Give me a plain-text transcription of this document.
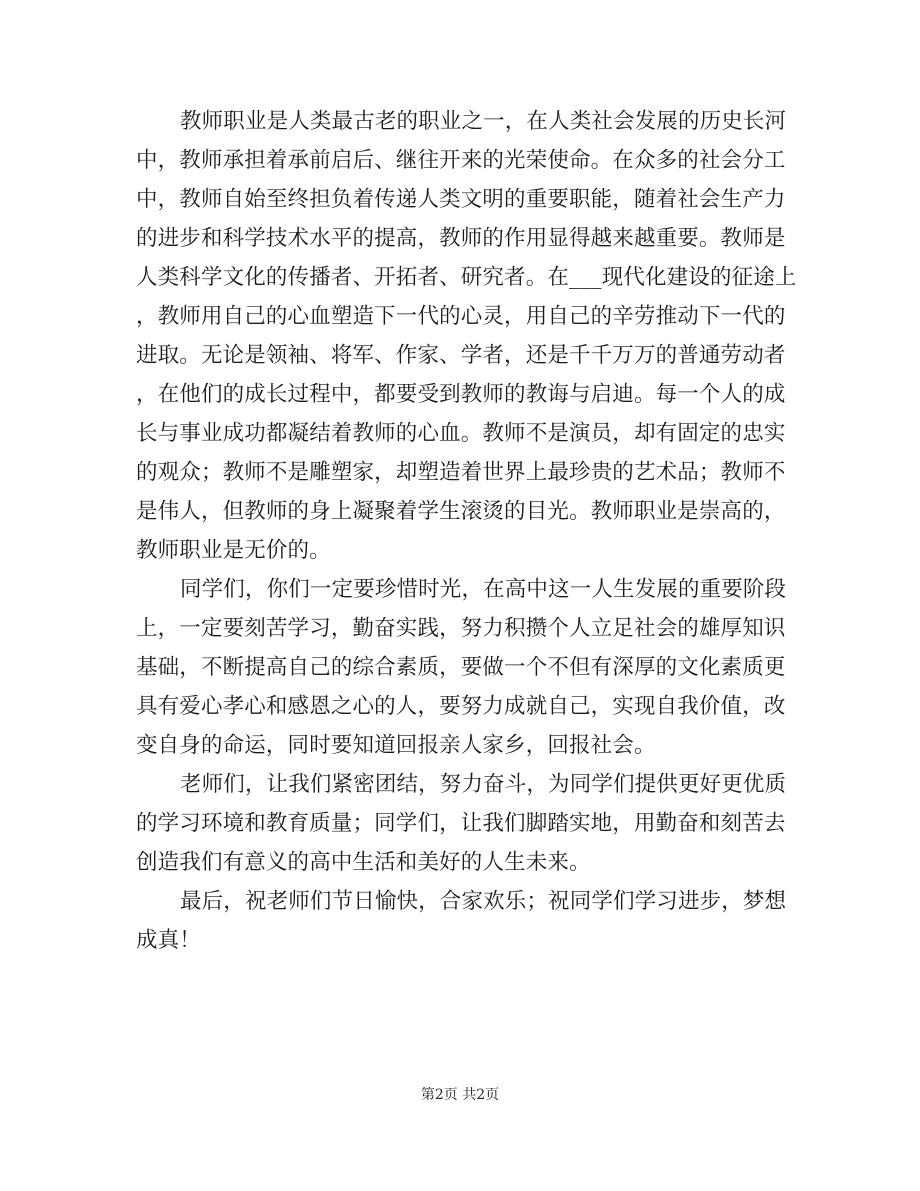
教师职业是人类最古老的职业之一，在人类社会发展的历史长河
中，教师承担着承前启后、继往开来的光荣使命。在众多的社会分工
中，教师自始至终担负着传递人类文明的重要职能，随着社会生产力
的进步和科学技术水平的提高，教师的作用显得越来越重要。教师是
人类科学文化的传播者、开拓者、研究者。在___现代化建设的征途上
，教师用自己的心血塑造下一代的心灵，用自己的辛劳推动下一代的
进取。无论是领袖、将军、作家、学者，还是千千万万的普通劳动者
，在他们的成长过程中，都要受到教师的教诲与启迪。每一个人的成
长与事业成功都凝结着教师的心血。教师不是演员，却有固定的忠实
的观众；教师不是雕塑家，却塑造着世界上最珍贵的艺术品；教师不
是伟人，但教师的身上凝聚着学生滚烫的目光。教师职业是崇高的，
教师职业是无价的。
同学们，你们一定要珍惜时光，在高中这一人生发展的重要阶段
上，一定要刻苦学习，勤奋实践，努力积攒个人立足社会的雄厚知识
基础，不断提高自己的综合素质，要做一个不但有深厚的文化素质更
具有爱心孝心和感恩之心的人，要努力成就自己，实现自我价值，改
变自身的命运，同时要知道回报亲人家乡，回报社会。
老师们，让我们紧密团结，努力奋斗，为同学们提供更好更优质
的学习环境和教育质量；同学们，让我们脚踏实地，用勤奋和刻苦去
创造我们有意义的高中生活和美好的人生未来。
最后，祝老师们节日愉快，合家欢乐；祝同学们学习进步，梦想
成真！
第2页 共2页
